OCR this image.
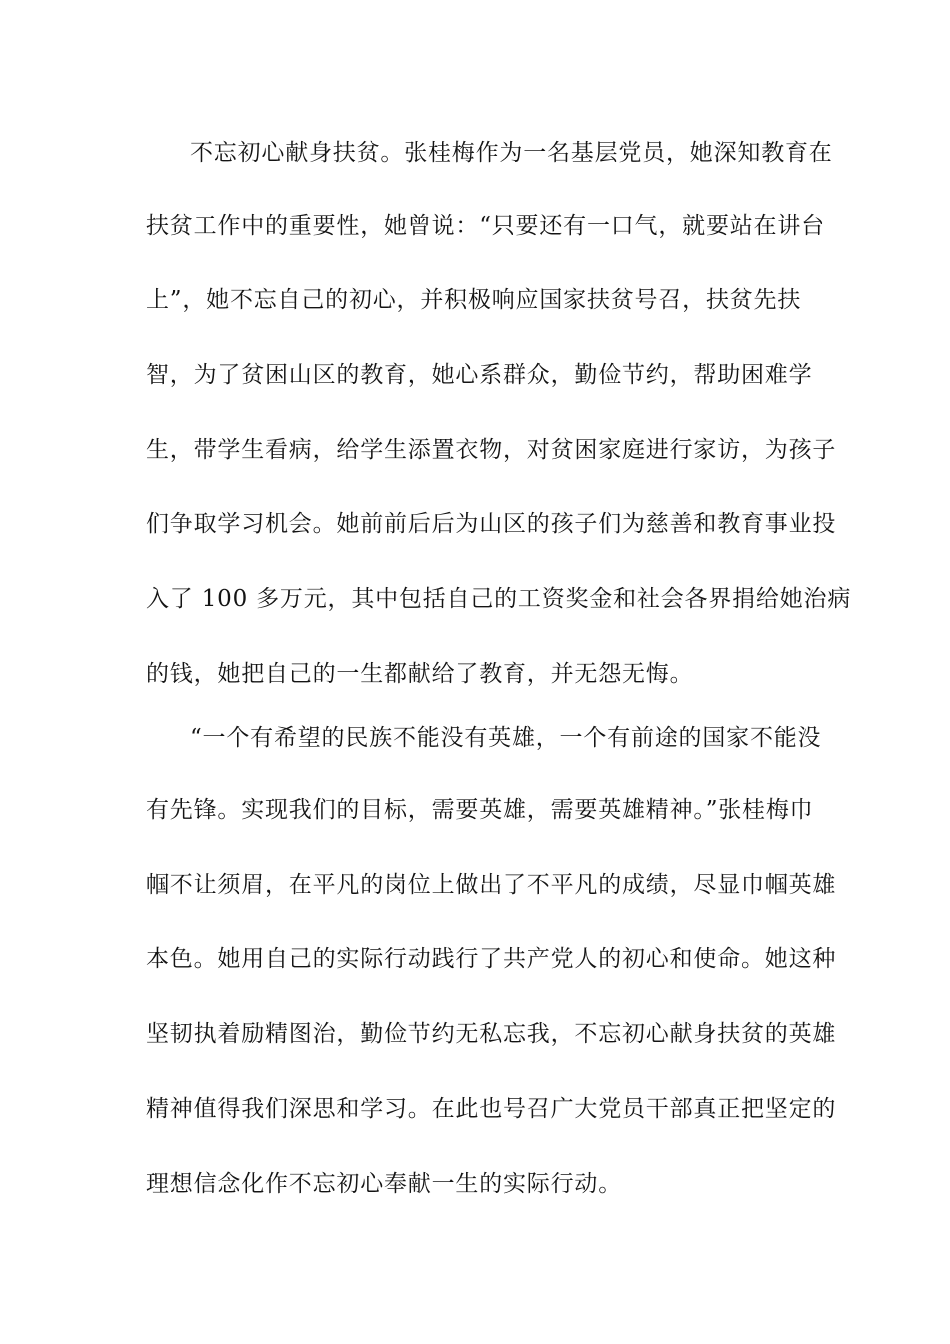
不忘初心献身扶贫。张桂梅作为一名基层党员，她深知教育在

扶贫工作中的重要性，她曾说：“只要还有一口气，就要站在讲台

上”，她不忘自己的初心，并积极响应国家扶贫号召，扶贫先扶

智，为了贫困山区的教育，她心系群众，勤俭节约，帮助困难学

生，带学生看病，给学生添置衣物，对贫困家庭进行家访，为孩子

们争取学习机会。她前前后后为山区的孩子们为慈善和教育事业投

入了 100 多万元，其中包括自己的工资奖金和社会各界捐给她治病

的钱，她把自己的一生都献给了教育，并无怨无悔。

“一个有希望的民族不能没有英雄，一个有前途的国家不能没

有先锋。实现我们的目标，需要英雄，需要英雄精神。”张桂梅巾

帼不让须眉，在平凡的岗位上做出了不平凡的成绩，尽显巾帼英雄

本色。她用自己的实际行动践行了共产党人的初心和使命。她这种

坚韧执着励精图治，勤俭节约无私忘我，不忘初心献身扶贫的英雄

精神值得我们深思和学习。在此也号召广大党员干部真正把坚定的

理想信念化作不忘初心奉献一生的实际行动。
